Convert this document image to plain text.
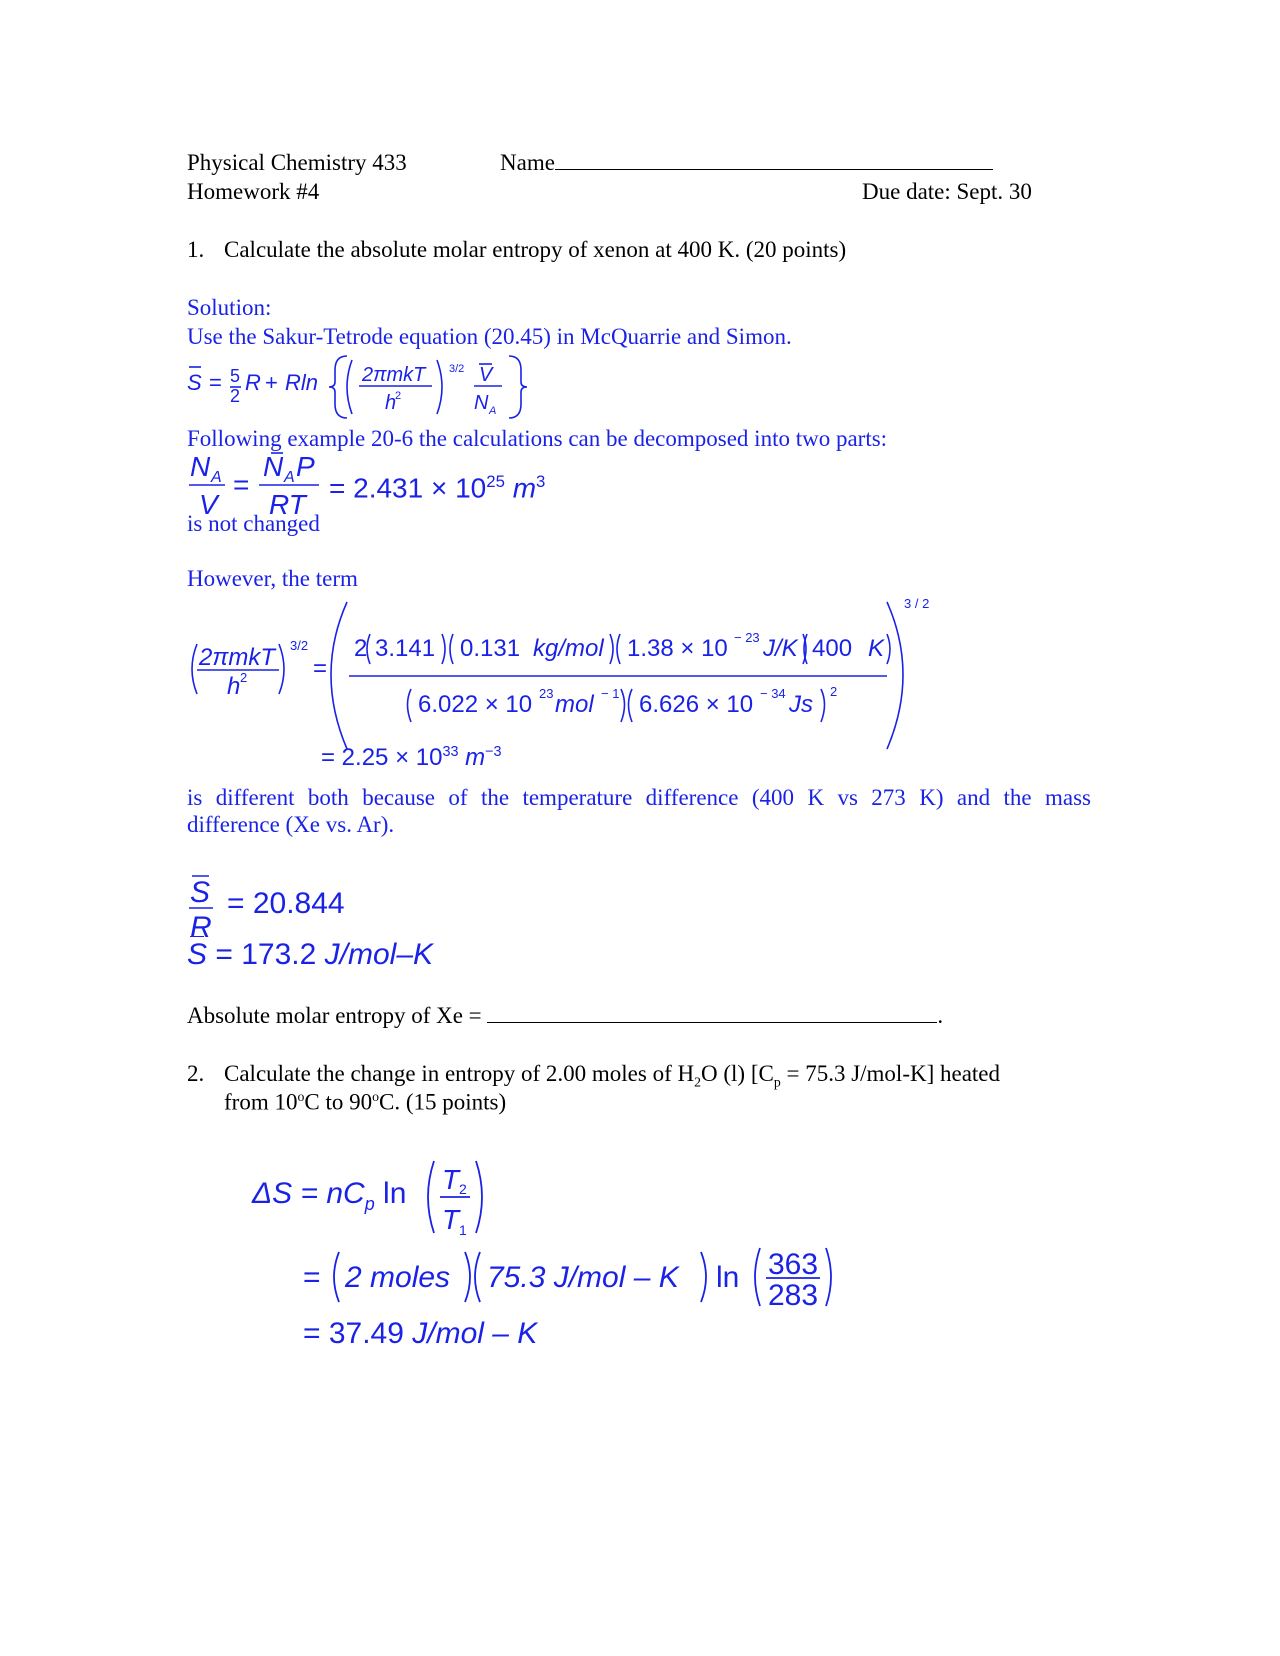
Physical Chemistry 433	Name
Homework #4	Due date: Sept. 30
1. Calculate the absolute molar entropy of xenon at 400 K. (20 points)
Solution:
Use the Sakur-Tetrode equation (20.45) in McQuarrie and Simon.
S = 5
2
R + Rln 2πmkT
h
2
3/2 V
N A
Following example 20-6 the calculations can be decomposed into two parts:
N A
V
=
N A P
RT
= $2.431 \times 10^{25}$ $m^3$
is not changed
However, the term
2πmkT
h 2
3/2
=
2 3.141 0.131 kg/mol 1.38 × 10 − 23 J/K 400 K
6.022 × 10 23 mol − 1 6.626 × 10 − 34 Js 2
3 / 2
= $2.25 \times 10^{33}$ $m^{-3}$
is different both because of the temperature difference (400 K vs 273 K) and the mass
difference (Xe vs. Ar).
S
R
= 20.844
S = 173.2 J/mol–K
Absolute molar entropy of Xe =	.
2. Calculate the change in entropy of 2.00 moles of $H_2O$ (l) [$C_p = 75.3$ J/mol-K] heated
from 10$^o$C to 90$^o$C. (15 points)
$\Delta S = nC_p$ ln T
T
2
1
= 2 moles 75.3 J/mol – K ln 363
283
= 37.49 J/mol – K
